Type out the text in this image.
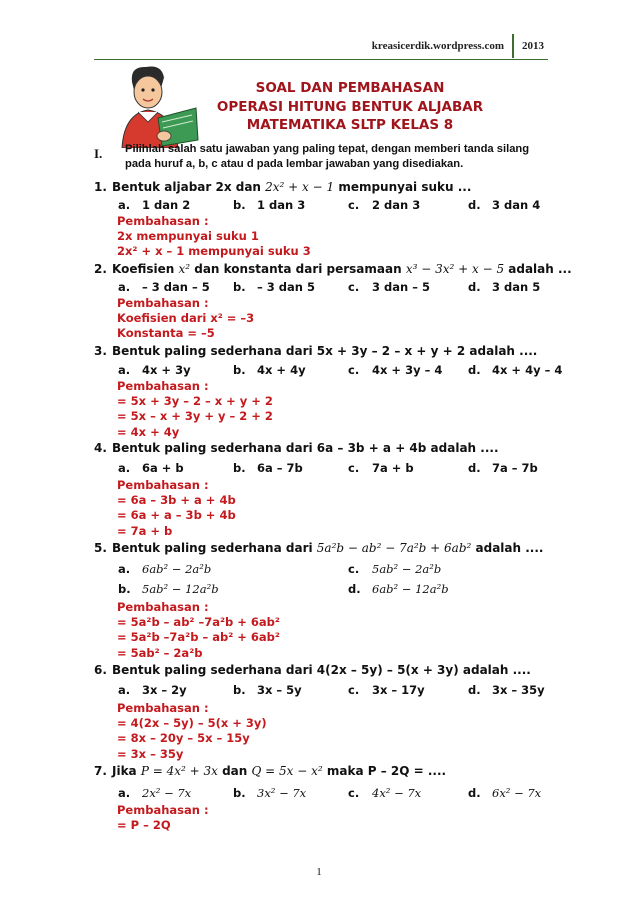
kreasicerdik.wordpress.com	2013
SOAL DAN PEMBAHASAN
OPERASI HITUNG BENTUK ALJABAR
MATEMATIKA SLTP KELAS 8
I. Pilihlah salah satu jawaban yang paling tepat, dengan memberi tanda silang pada huruf a, b, c atau d pada lembar jawaban yang disediakan.
1. Bentuk aljabar 2x dan 2x² + x − 1 mempunyai suku ...
a. 1 dan 2	b. 1 dan 3	c. 2 dan 3	d. 3 dan 4
Pembahasan :
2x mempunyai suku 1
2x² + x – 1 mempunyai suku 3
2. Koefisien x² dan konstanta dari persamaan x³ − 3x² + x − 5 adalah ...
a. – 3 dan – 5 b. – 3 dan 5	c. 3 dan – 5	d. 3 dan 5
Pembahasan :
Koefisien dari x² = –3
Konstanta = –5
3. Bentuk paling sederhana dari 5x + 3y – 2 – x + y + 2 adalah ....
a. 4x + 3y	b. 4x + 4y	c. 4x + 3y – 4 d. 4x + 4y – 4
Pembahasan :
= 5x + 3y – 2 – x + y + 2
= 5x – x + 3y + y – 2 + 2
= 4x + 4y
4. Bentuk paling sederhana dari 6a – 3b + a + 4b adalah ....
a. 6a + b	b. 6a – 7b	c. 7a + b	d. 7a – 7b
Pembahasan :
= 6a – 3b + a + 4b
= 6a + a – 3b + 4b
= 7a + b
5. Bentuk paling sederhana dari 5a²b − ab² − 7a²b + 6ab² adalah ....
a. 6ab² − 2a²b	c. 5ab² − 2a²b
b. 5ab² − 12a²b	d. 6ab² − 12a²b
Pembahasan :
= 5a²b – ab² –7a²b + 6ab²
= 5a²b –7a²b – ab² + 6ab²
= 5ab² – 2a²b
6. Bentuk paling sederhana dari 4(2x – 5y) – 5(x + 3y) adalah ....
a. 3x – 2y	b. 3x – 5y	c. 3x – 17y	d. 3x – 35y
Pembahasan :
= 4(2x – 5y) – 5(x + 3y)
= 8x – 20y – 5x – 15y
= 3x – 35y
7. Jika P = 4x² + 3x dan Q = 5x − x² maka P – 2Q = ....
a. 2x² − 7x	b. 3x² − 7x	c. 4x² − 7x	d. 6x² − 7x
Pembahasan :
= P – 2Q
1
